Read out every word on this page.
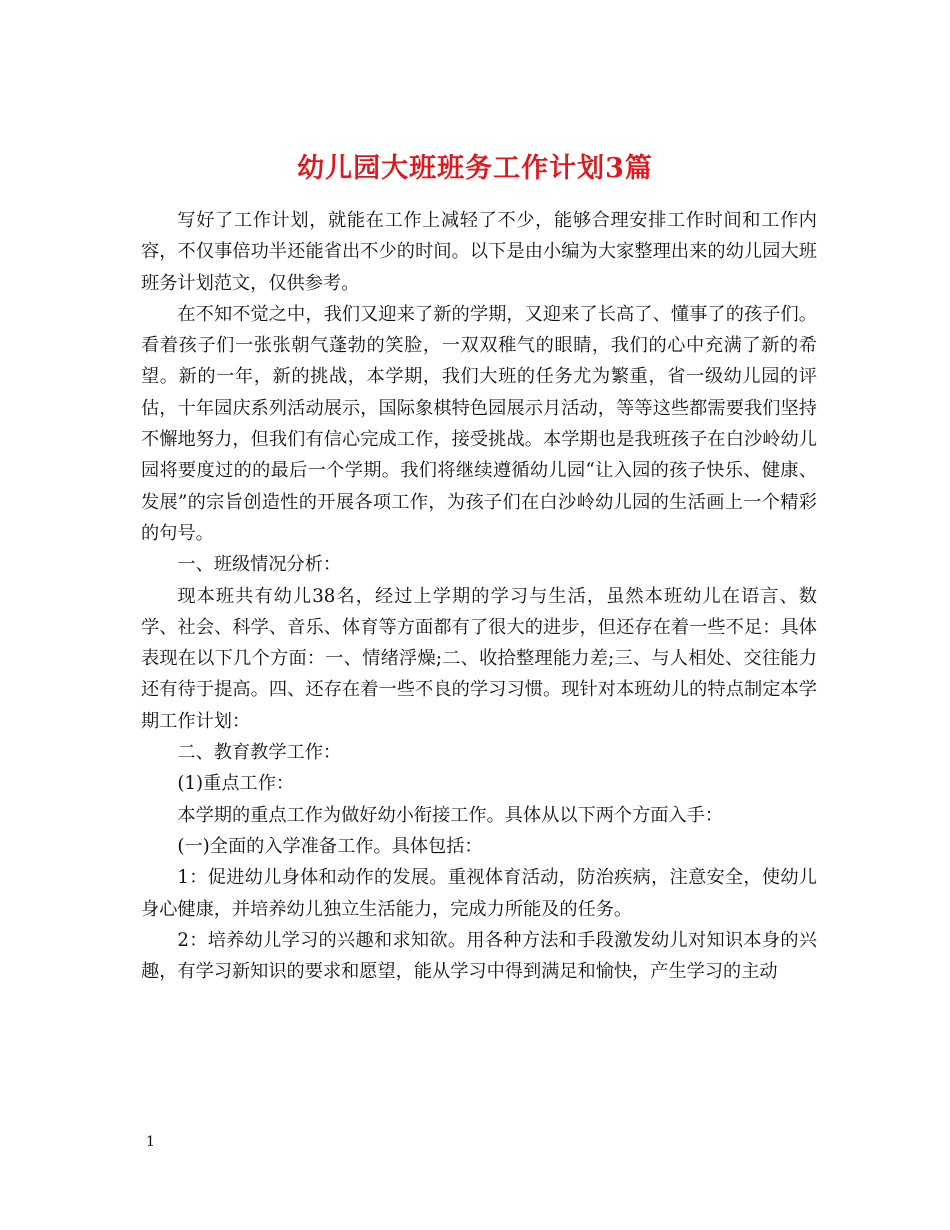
幼儿园大班班务工作计划3篇

写好了工作计划，就能在工作上减轻了不少，能够合理安排工作时间和工作内容，不仅事倍功半还能省出不少的时间。以下是由小编为大家整理出来的幼儿园大班班务计划范文，仅供参考。

在不知不觉之中，我们又迎来了新的学期，又迎来了长高了、懂事了的孩子们。看着孩子们一张张朝气蓬勃的笑脸，一双双稚气的眼睛，我们的心中充满了新的希望。新的一年，新的挑战，本学期，我们大班的任务尤为繁重，省一级幼儿园的评估，十年园庆系列活动展示，国际象棋特色园展示月活动，等等这些都需要我们坚持不懈地努力，但我们有信心完成工作，接受挑战。本学期也是我班孩子在白沙岭幼儿园将要度过的的最后一个学期。我们将继续遵循幼儿园“让入园的孩子快乐、健康、发展”的宗旨创造性的开展各项工作，为孩子们在白沙岭幼儿园的生活画上一个精彩的句号。

一、班级情况分析：

现本班共有幼儿38名，经过上学期的学习与生活，虽然本班幼儿在语言、数学、社会、科学、音乐、体育等方面都有了很大的进步，但还存在着一些不足：具体表现在以下几个方面：一、情绪浮燥;二、收拾整理能力差;三、与人相处、交往能力还有待于提高。四、还存在着一些不良的学习习惯。现针对本班幼儿的特点制定本学期工作计划：

二、教育教学工作：

(1)重点工作：

本学期的重点工作为做好幼小衔接工作。具体从以下两个方面入手：

(一)全面的入学准备工作。具体包括：

1：促进幼儿身体和动作的发展。重视体育活动，防治疾病，注意安全，使幼儿身心健康，并培养幼儿独立生活能力，完成力所能及的任务。

2：培养幼儿学习的兴趣和求知欲。用各种方法和手段激发幼儿对知识本身的兴趣，有学习新知识的要求和愿望，能从学习中得到满足和愉快，产生学习的主动

1
